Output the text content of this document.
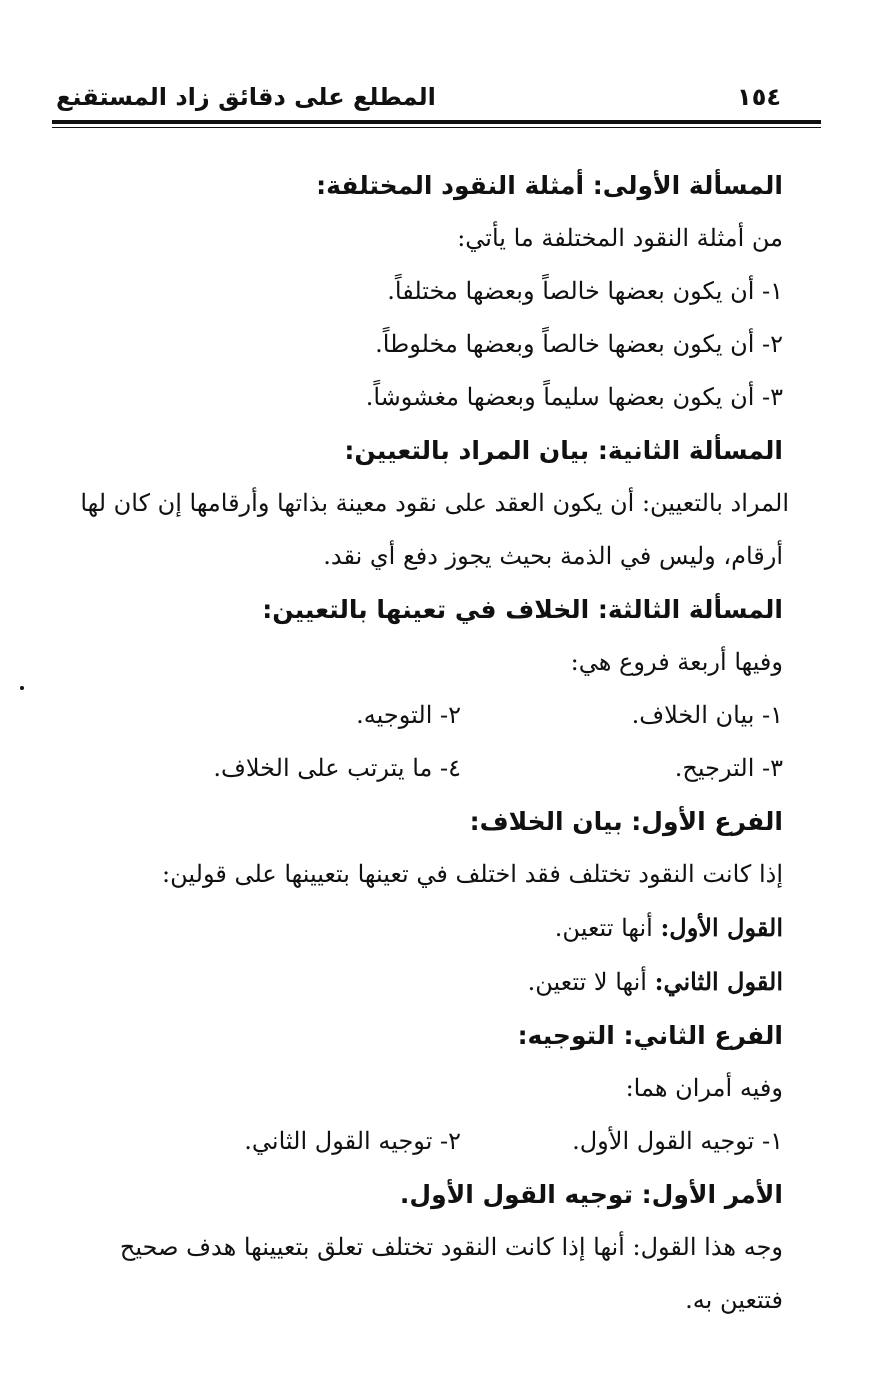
١٥٤
المطلع على دقائق زاد المستقنع

المسألة الأولى: أمثلة النقود المختلفة:

من أمثلة النقود المختلفة ما يأتي:

١- أن يكون بعضها خالصاً وبعضها مختلفاً.

٢- أن يكون بعضها خالصاً وبعضها مخلوطاً.

٣- أن يكون بعضها سليماً وبعضها مغشوشاً.

المسألة الثانية: بيان المراد بالتعيين:

المراد بالتعيين: أن يكون العقد على نقود معينة بذاتها وأرقامها إن كان لها

أرقام، وليس في الذمة بحيث يجوز دفع أي نقد.

المسألة الثالثة: الخلاف في تعينها بالتعيين:

وفيها أربعة فروع هي:

١- بيان الخلاف.

٢- التوجيه.

٣- الترجيح.

٤- ما يترتب على الخلاف.

الفرع الأول: بيان الخلاف:

إذا كانت النقود تختلف فقد اختلف في تعينها بتعيينها على قولين:

القول الأول: أنها تتعين.

القول الثاني: أنها لا تتعين.

الفرع الثاني: التوجيه:

وفيه أمران هما:

١- توجيه القول الأول.

٢- توجيه القول الثاني.

الأمر الأول: توجيه القول الأول.

وجه هذا القول: أنها إذا كانت النقود تختلف تعلق بتعيينها هدف صحيح

فتتعين به.
